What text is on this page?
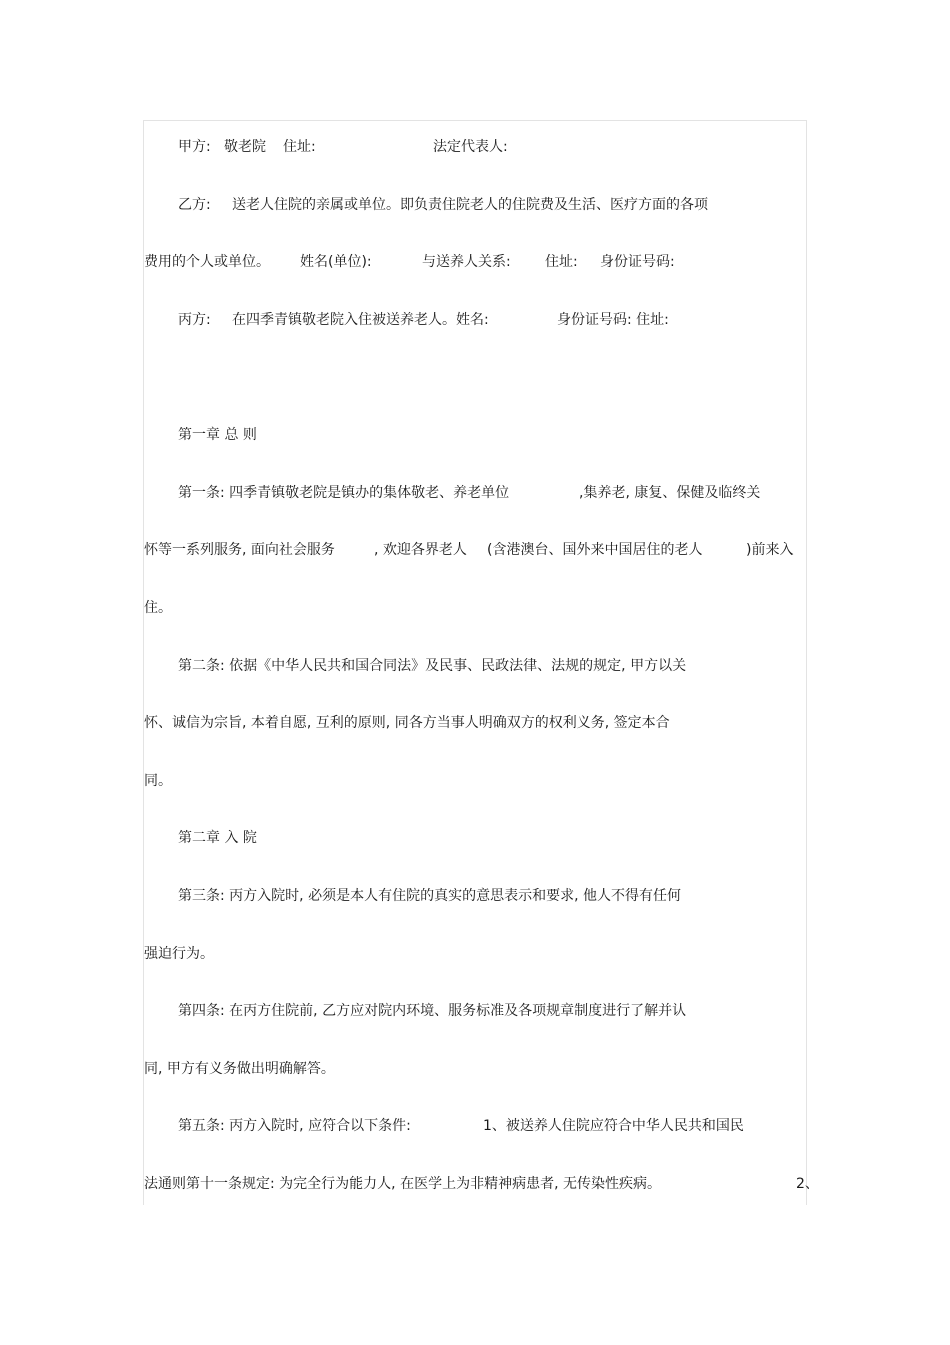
甲方: 敬老院 住址:	法定代表人:

乙方: 送老人住院的亲属或单位。即负责住院老人的住院费及生活、医疗方面的各项

费用的个人或单位。 姓名(单位):	与送养人关系: 住址: 身份证号码:

丙方: 在四季青镇敬老院入住被送养老人。姓名:	身份证号码: 住址:

第一章 总 则

第一条: 四季青镇敬老院是镇办的集体敬老、养老单位	,集养老, 康复、保健及临终关

怀等一系列服务, 面向社会服务	, 欢迎各界老人 (含港澳台、国外来中国居住的老人	)前来入

住。

第二条: 依据《中华人民共和国合同法》及民事、民政法律、法规的规定, 甲方以关

怀、诚信为宗旨, 本着自愿, 互利的原则, 同各方当事人明确双方的权利义务, 签定本合

同。

第二章 入 院

第三条: 丙方入院时, 必须是本人有住院的真实的意思表示和要求, 他人不得有任何

强迫行为。

第四条: 在丙方住院前, 乙方应对院内环境、服务标准及各项规章制度进行了解并认

同, 甲方有义务做出明确解答。

第五条: 丙方入院时, 应符合以下条件:	1、被送养人住院应符合中华人民共和国民

法通则第十一条规定: 为完全行为能力人, 在医学上为非精神病患者, 无传染性疾病。	2、
